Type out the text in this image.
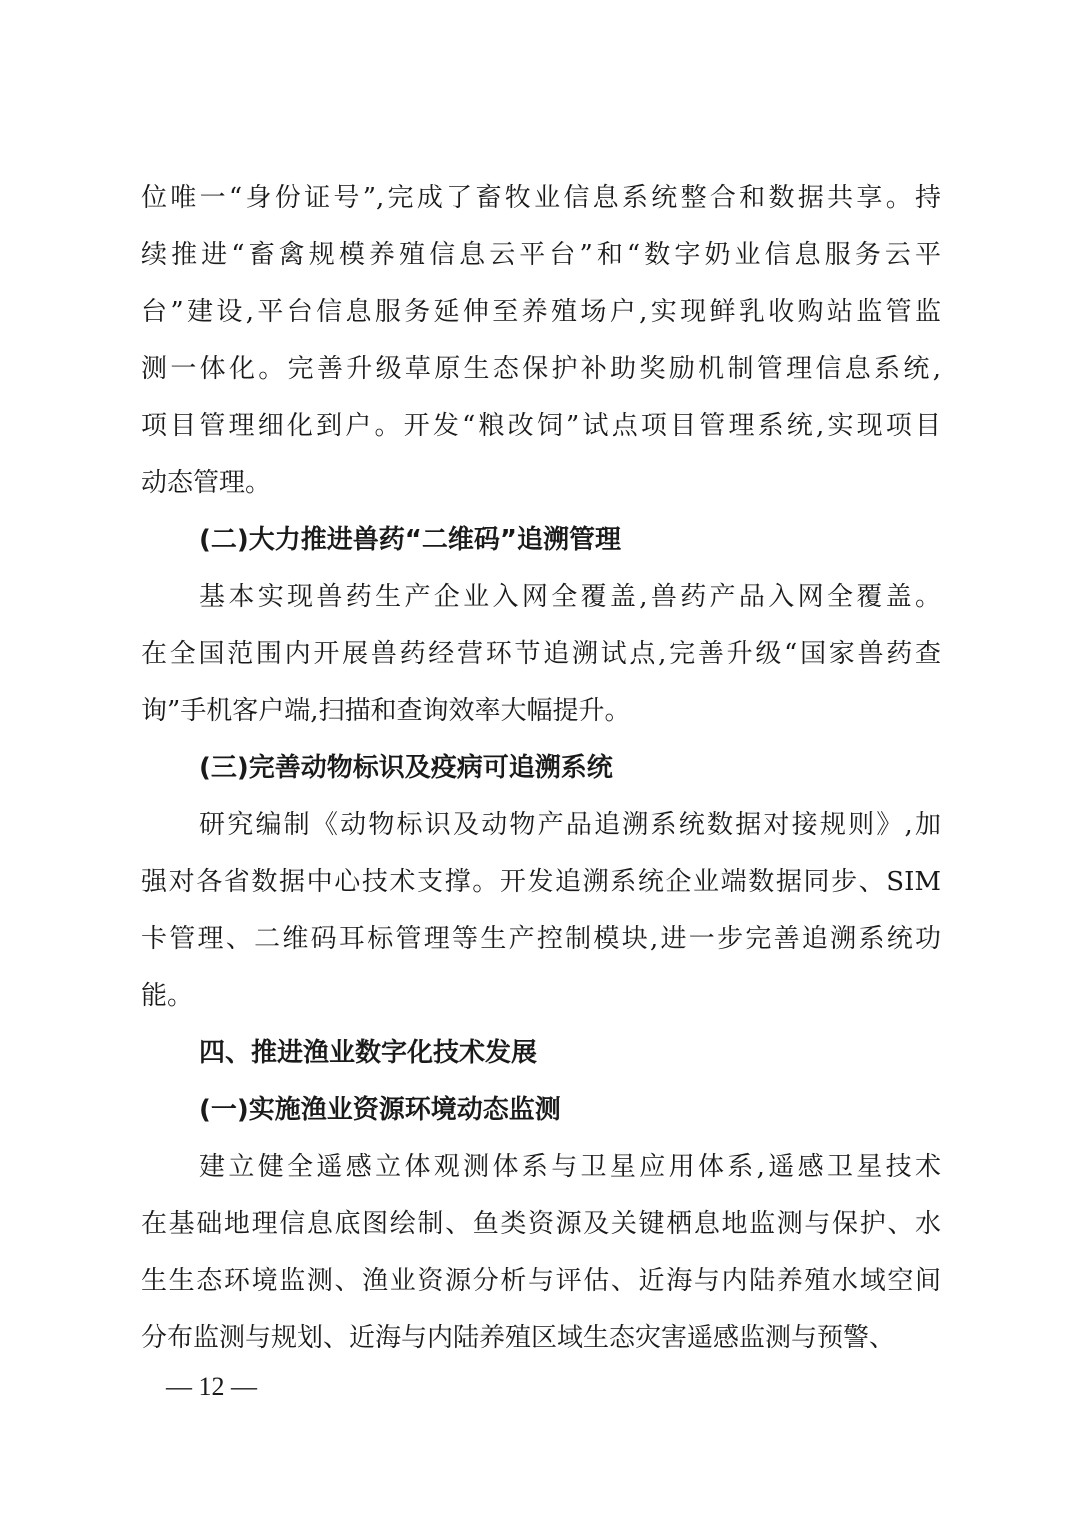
位唯一“身份证号”,完成了畜牧业信息系统整合和数据共享。持
续推进“畜禽规模养殖信息云平台”和“数字奶业信息服务云平
台”建设,平台信息服务延伸至养殖场户,实现鲜乳收购站监管监
测一体化。完善升级草原生态保护补助奖励机制管理信息系统,
项目管理细化到户。开发“粮改饲”试点项目管理系统,实现项目
动态管理。
(二)大力推进兽药“二维码”追溯管理
基本实现兽药生产企业入网全覆盖,兽药产品入网全覆盖。
在全国范围内开展兽药经营环节追溯试点,完善升级“国家兽药查
询”手机客户端,扫描和查询效率大幅提升。
(三)完善动物标识及疫病可追溯系统
研究编制《动物标识及动物产品追溯系统数据对接规则》,加
强对各省数据中心技术支撑。开发追溯系统企业端数据同步、SIM
卡管理、二维码耳标管理等生产控制模块,进一步完善追溯系统功
能。
四、推进渔业数字化技术发展
(一)实施渔业资源环境动态监测
建立健全遥感立体观测体系与卫星应用体系,遥感卫星技术
在基础地理信息底图绘制、鱼类资源及关键栖息地监测与保护、水
生生态环境监测、渔业资源分析与评估、近海与内陆养殖水域空间
分布监测与规划、近海与内陆养殖区域生态灾害遥感监测与预警、
— 12 —
